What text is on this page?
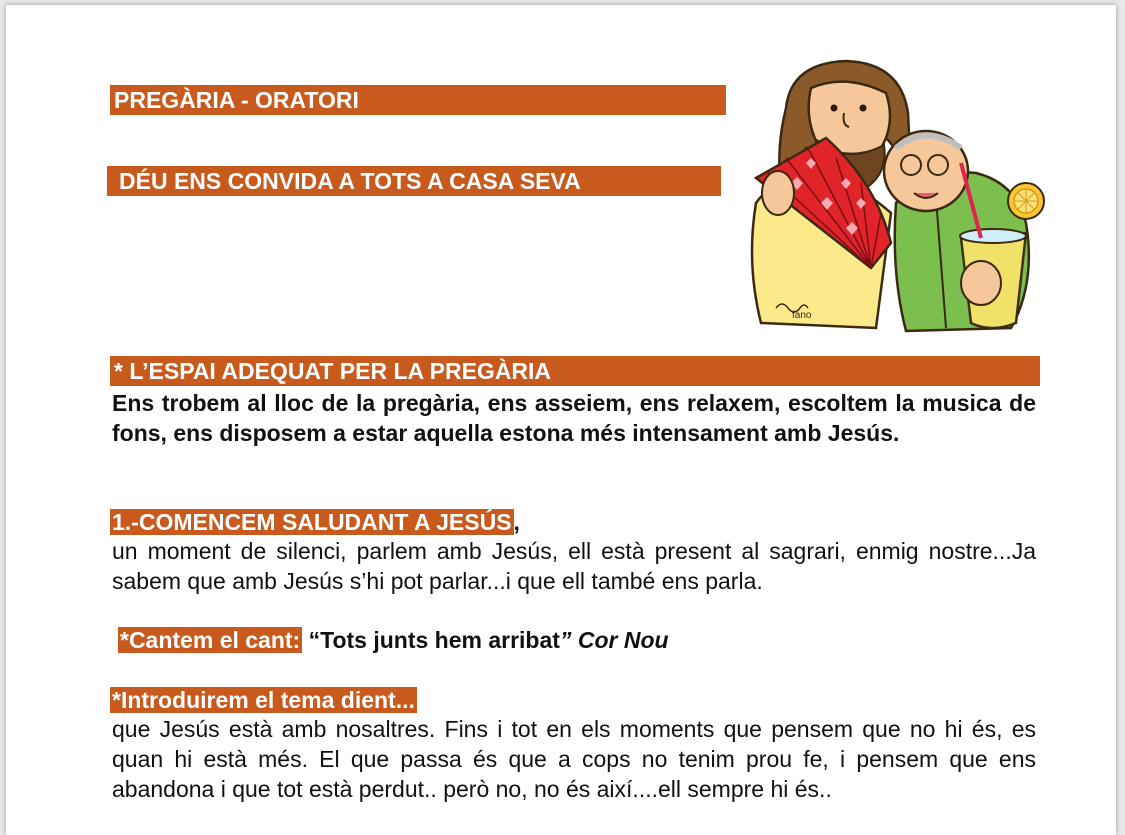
PREGÀRIA - ORATORI
DÉU ENS CONVIDA A TOTS A CASA SEVA
fano
* L’ESPAI ADEQUAT PER LA PREGÀRIA

Ens trobem al lloc de la pregària, ens asseiem, ens relaxem, escoltem la musica de fons, ens disposem a estar aquella estona més intensament amb Jesús.

1.-COMENCEM SALUDANT A JESÚS,

un moment de silenci, parlem amb Jesús, ell està present al sagrari, enmig nostre...Ja sabem que amb Jesús s’hi pot parlar...i que ell també ens parla.

*Cantem el cant: “Tots junts hem arribat” Cor Nou
*Introduirem el tema dient...

que Jesús està amb nosaltres. Fins i tot en els moments que pensem que no hi és, es quan hi està més. El que passa és que a cops no tenim prou fe, i pensem que ens abandona i que tot està perdut.. però no, no és així....ell sempre hi és..
